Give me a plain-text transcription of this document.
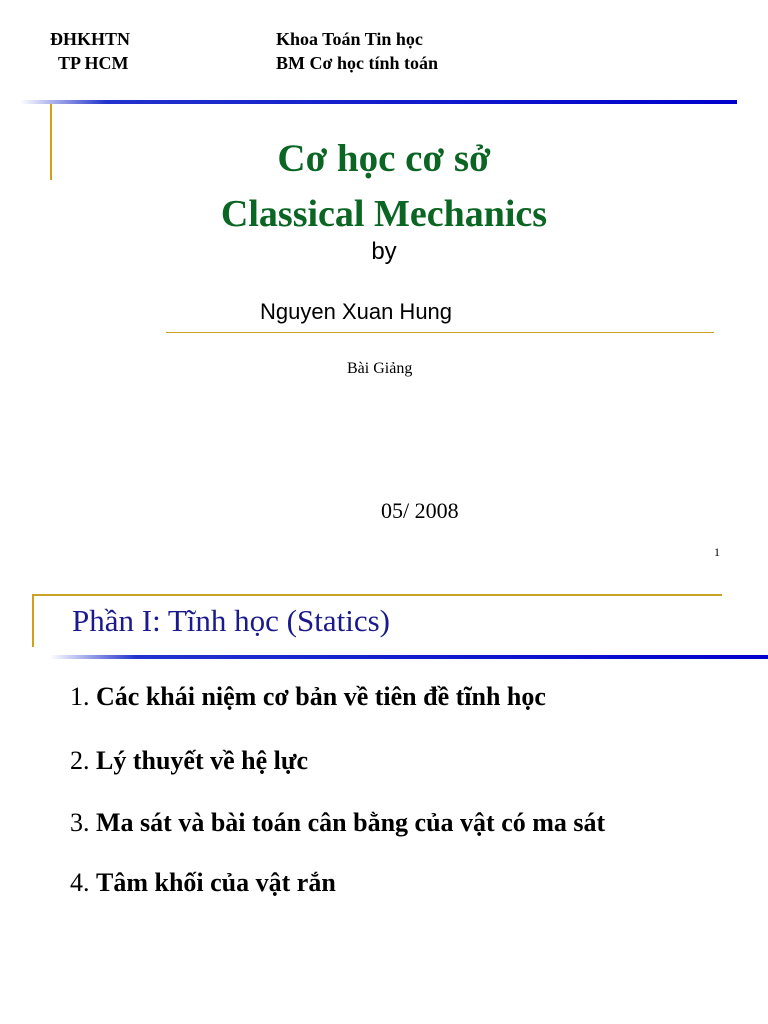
ĐHKHTN
TP HCM
Khoa Toán Tin học
BM Cơ học tính toán
Cơ học cơ sở
Classical Mechanics
by
Nguyen Xuan Hung
Bài Giảng
05/ 2008
1
Phần I: Tĩnh học (Statics)
1. Các khái niệm cơ bản về tiên đề tĩnh học
2. Lý thuyết về hệ lực
3. Ma sát và bài toán cân bằng của vật có ma sát
4. Tâm khối của vật rắn
